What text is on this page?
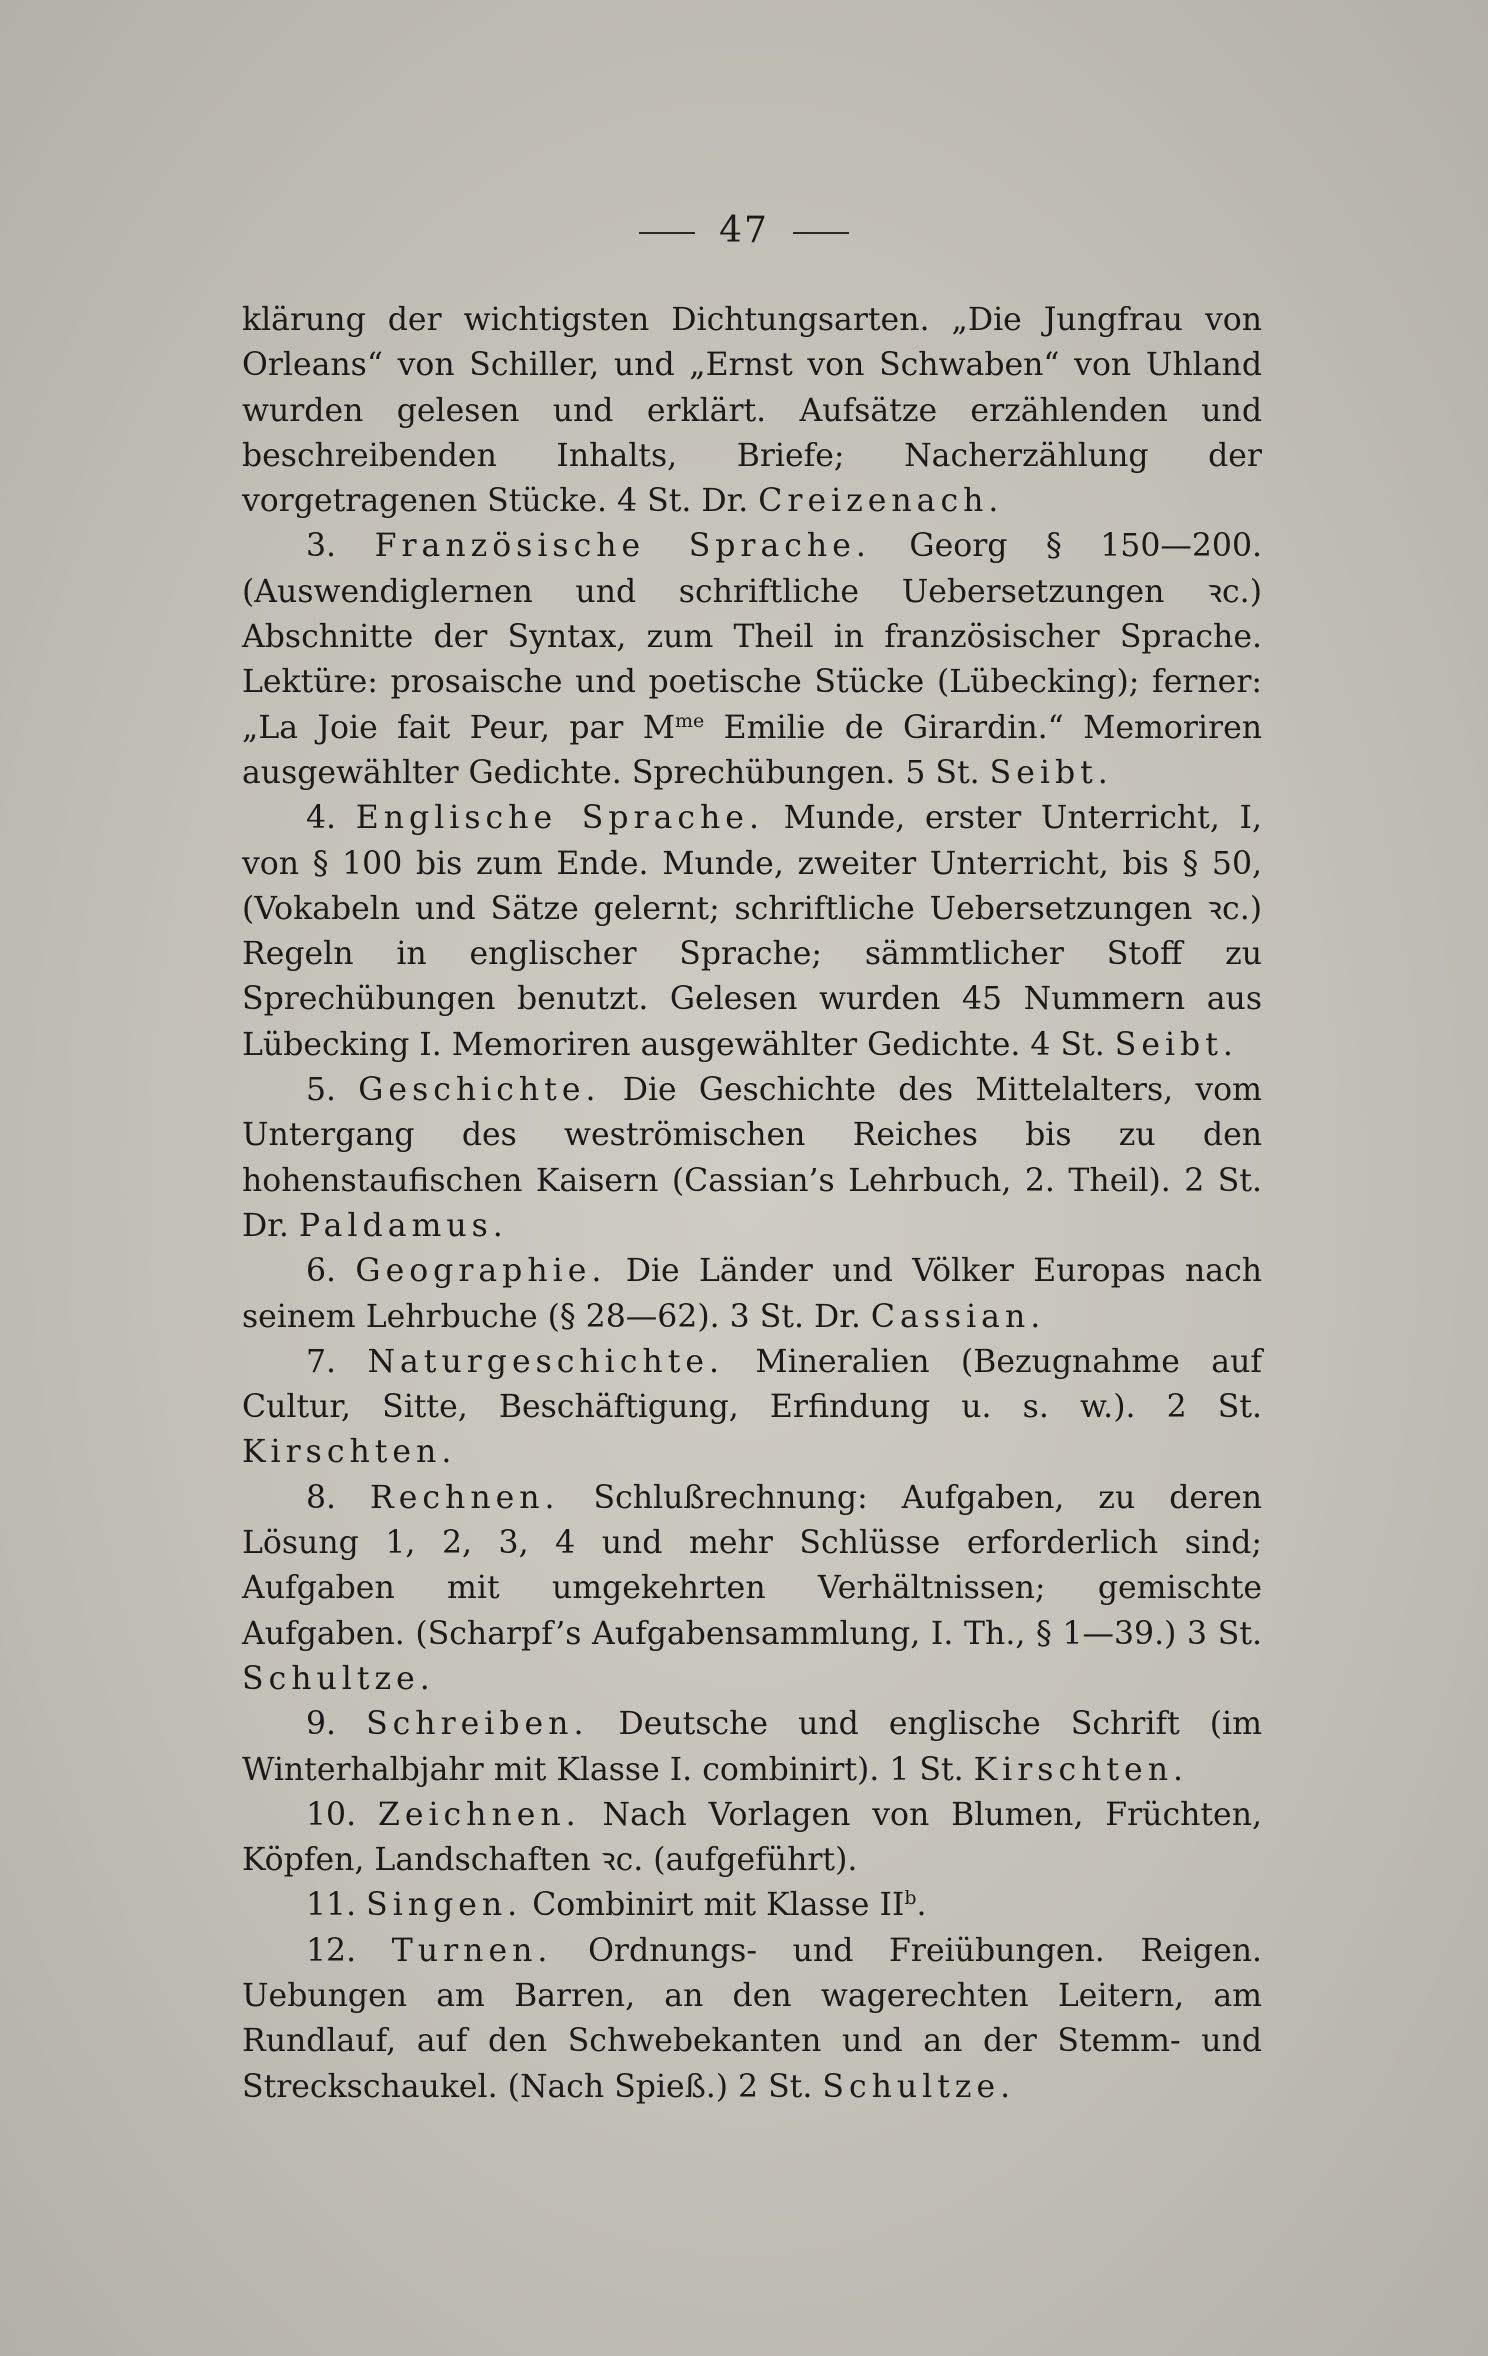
47

klärung der wichtigsten Dichtungsarten. „Die Jungfrau von Orleans“ von Schiller, und „Ernst von Schwaben“ von Uhland wurden gelesen und erklärt. Aufsätze erzählenden und beschreibenden Inhalts, Briefe; Nacherzählung der vorgetragenen Stücke. 4 St. Dr. Creizenach.

3. Französische Sprache. Georg § 150—200. (Auswendiglernen und schriftliche Uebersetzungen ꝛc.) Abschnitte der Syntax, zum Theil in französischer Sprache. Lektüre: prosaische und poetische Stücke (Lübecking); ferner: „La Joie fait Peur, par $M^{me}$ Emilie de Girardin.“ Memoriren ausgewählter Gedichte. Sprechübungen. 5 St. Seibt.

4. Englische Sprache. Munde, erster Unterricht, I, von § 100 bis zum Ende. Munde, zweiter Unterricht, bis § 50, (Vokabeln und Sätze gelernt; schriftliche Uebersetzungen ꝛc.) Regeln in englischer Sprache; sämmtlicher Stoff zu Sprechübungen benutzt. Gelesen wurden 45 Nummern aus Lübecking I. Memoriren ausgewählter Gedichte. 4 St. Seibt.

5. Geschichte. Die Geschichte des Mittelalters, vom Untergang des weströmischen Reiches bis zu den hohenstaufischen Kaisern (Cassian’s Lehrbuch, 2. Theil). 2 St. Dr. Paldamus.

6. Geographie. Die Länder und Völker Europas nach seinem Lehrbuche (§ 28—62). 3 St. Dr. Cassian.

7. Naturgeschichte. Mineralien (Bezugnahme auf Cultur, Sitte, Beschäftigung, Erfindung u. s. w.). 2 St. Kirschten.

8. Rechnen. Schlußrechnung: Aufgaben, zu deren Lösung 1, 2, 3, 4 und mehr Schlüsse erforderlich sind; Aufgaben mit umgekehrten Verhältnissen; gemischte Aufgaben. (Scharpf’s Aufgabensammlung, I. Th., § 1—39.) 3 St. Schultze.

9. Schreiben. Deutsche und englische Schrift (im Winterhalbjahr mit Klasse I. combinirt). 1 St. Kirschten.

10. Zeichnen. Nach Vorlagen von Blumen, Früchten, Köpfen, Landschaften ꝛc. (aufgeführt).

11. Singen. Combinirt mit Klasse $II^b$.

12. Turnen. Ordnungs- und Freiübungen. Reigen. Uebungen am Barren, an den wagerechten Leitern, am Rundlauf, auf den Schwebekanten und an der Stemm- und Streckschaukel. (Nach Spieß.) 2 St. Schultze.
